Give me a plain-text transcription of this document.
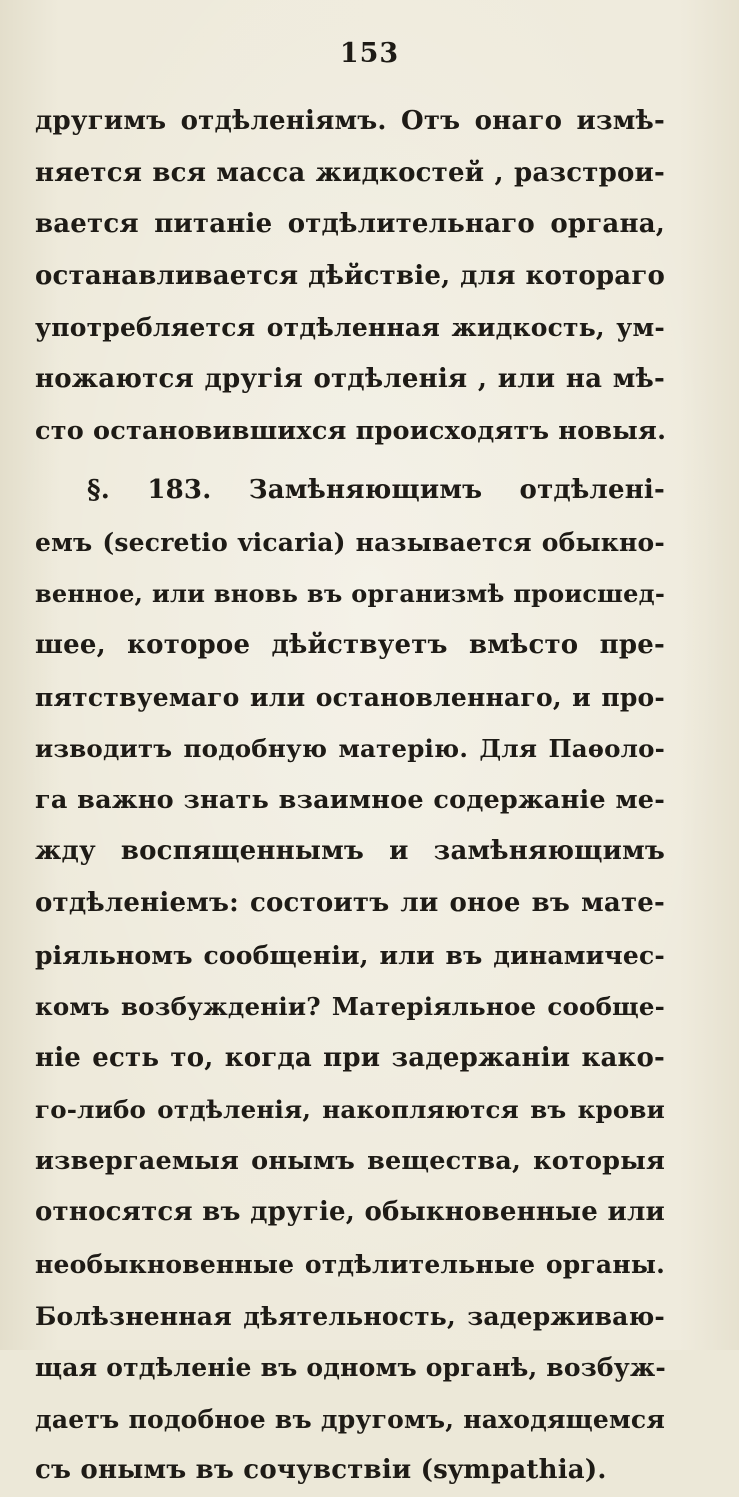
153
другимъ отдѣленiямъ. Отъ онаго измѣ-
няется вся масса жидкостей , разстрои-
вается питанiе отдѣлительнаго органа,
останавливается дѣйствiе, для котораго
употребляется отдѣленная жидкость, ум-
ножаются другiя отдѣленiя , или на мѣ-
сто остановившихся происходятъ новыя.
§. 183. Замѣняющимъ отдѣленi-
емъ (secretio vicaria) называется обыкно-
венное, или вновь въ организмѣ происшед-
шее, которое дѣйствуетъ вмѣсто пре-
пятствуемаго или остановленнаго, и про-
изводитъ подобную матерiю. Для Паѳоло-
га важно знать взаимное содержанiе ме-
жду воспященнымъ и замѣняющимъ
отдѣленiемъ: состоитъ ли оное въ мате-
рiяльномъ сообщенiи, или въ динамичес-
комъ возбужденiи? Матерiяльное сообще-
нiе есть то, когда при задержанiи како-
го-либо отдѣленiя, накопляются въ крови
извергаемыя онымъ вещества, которыя
относятся въ другiе, обыкновенные или
необыкновенные отдѣлительные органы.
Болѣзненная дѣятельность, задерживаю-
щая отдѣленiе въ одномъ органѣ, возбуж-
даетъ подобное въ другомъ, находящемся
съ онымъ въ сочувствiи (sympathia).
